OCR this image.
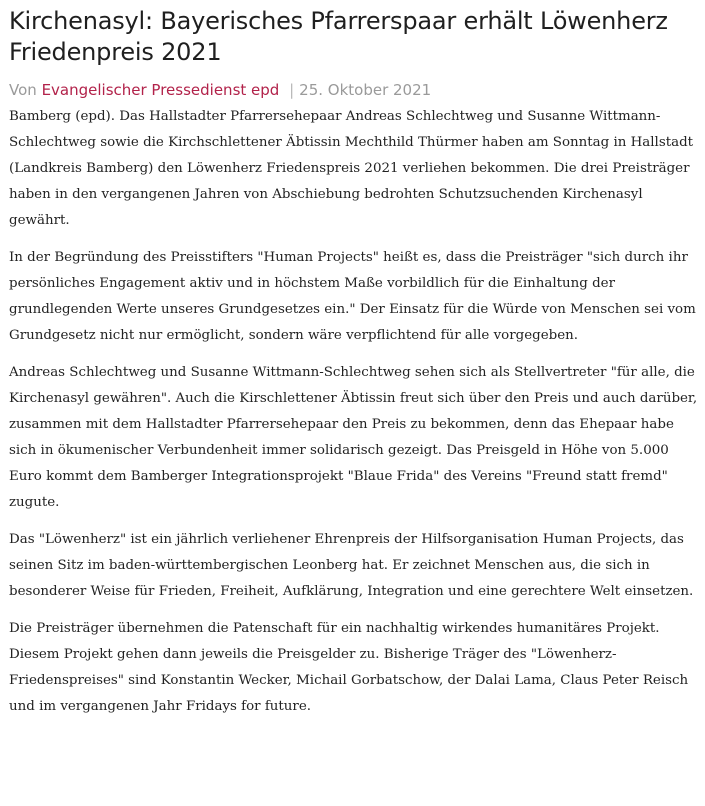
Kirchenasyl: Bayerisches Pfarrerspaar erhält Löwenherz Friedenpreis 2021
Von Evangelischer Pressedienst epd | 25. Oktober 2021

Bamberg (epd). Das Hallstadter Pfarrersehepaar Andreas Schlechtweg und Susanne Wittmann-Schlechtweg sowie die Kirchschlettener Äbtissin Mechthild Thürmer haben am Sonntag in Hallstadt (Landkreis Bamberg) den Löwenherz Friedenspreis 2021 verliehen bekommen. Die drei Preisträger haben in den vergangenen Jahren von Abschiebung bedrohten Schutzsuchenden Kirchenasyl gewährt.

In der Begründung des Preisstifters "Human Projects" heißt es, dass die Preisträger "sich durch ihr persönliches Engagement aktiv und in höchstem Maße vorbildlich für die Einhaltung der grundlegenden Werte unseres Grundgesetzes ein." Der Einsatz für die Würde von Menschen sei vom Grundgesetz nicht nur ermöglicht, sondern wäre verpflichtend für alle vorgegeben.

Andreas Schlechtweg und Susanne Wittmann-Schlechtweg sehen sich als Stellvertreter "für alle, die Kirchenasyl gewähren". Auch die Kirschlettener Äbtissin freut sich über den Preis und auch darüber, zusammen mit dem Hallstadter Pfarrersehepaar den Preis zu bekommen, denn das Ehepaar habe sich in ökumenischer Verbundenheit immer solidarisch gezeigt. Das Preisgeld in Höhe von 5.000 Euro kommt dem Bamberger Integrationsprojekt "Blaue Frida" des Vereins "Freund statt fremd" zugute.

Das "Löwenherz" ist ein jährlich verliehener Ehrenpreis der Hilfsorganisation Human Projects, das seinen Sitz im baden-württembergischen Leonberg hat. Er zeichnet Menschen aus, die sich in besonderer Weise für Frieden, Freiheit, Aufklärung, Integration und eine gerechtere Welt einsetzen.

Die Preisträger übernehmen die Patenschaft für ein nachhaltig wirkendes humanitäres Projekt. Diesem Projekt gehen dann jeweils die Preisgelder zu. Bisherige Träger des "Löwenherz-Friedenspreises" sind Konstantin Wecker, Michail Gorbatschow, der Dalai Lama, Claus Peter Reisch und im vergangenen Jahr Fridays for future.
